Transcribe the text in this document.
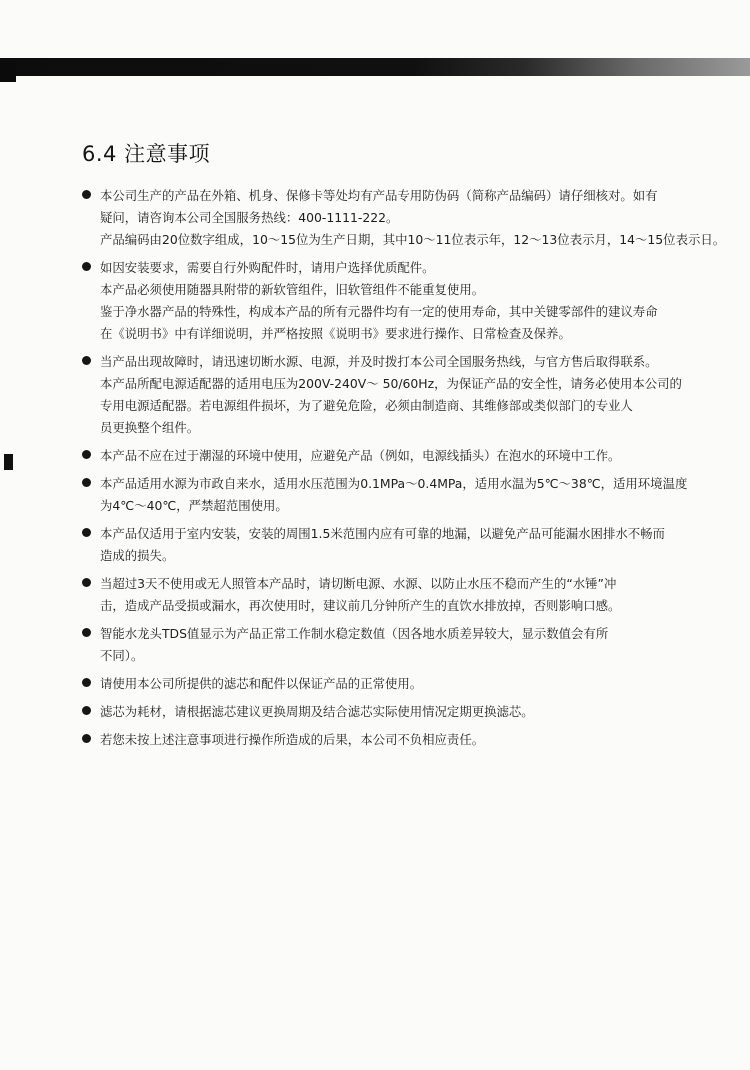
6.4 注意事项
本公司生产的产品在外箱、机身、保修卡等处均有产品专用防伪码（简称产品编码）请仔细核对。如有
疑问，请咨询本公司全国服务热线：400-1111-222。
产品编码由20位数字组成，10～15位为生产日期，其中10～11位表示年，12～13位表示月，14～15位表示日。
如因安装要求，需要自行外购配件时，请用户选择优质配件。
本产品必须使用随器具附带的新软管组件，旧软管组件不能重复使用。
鉴于净水器产品的特殊性，构成本产品的所有元器件均有一定的使用寿命，其中关键零部件的建议寿命
在《说明书》中有详细说明，并严格按照《说明书》要求进行操作、日常检查及保养。
当产品出现故障时，请迅速切断水源、电源，并及时拨打本公司全国服务热线，与官方售后取得联系。
本产品所配电源适配器的适用电压为200V-240V～ 50/60Hz，为保证产品的安全性，请务必使用本公司的
专用电源适配器。若电源组件损坏，为了避免危险，必须由制造商、其维修部或类似部门的专业人
员更换整个组件。
本产品不应在过于潮湿的环境中使用，应避免产品（例如，电源线插头）在泡水的环境中工作。
本产品适用水源为市政自来水，适用水压范围为0.1MPa～0.4MPa，适用水温为5℃～38℃，适用环境温度
为4℃～40℃，严禁超范围使用。
本产品仅适用于室内安装，安装的周围1.5米范围内应有可靠的地漏，以避免产品可能漏水困排水不畅而
造成的损失。
当超过3天不使用或无人照管本产品时，请切断电源、水源、以防止水压不稳而产生的“水锤”冲
击，造成产品受损或漏水，再次使用时，建议前几分钟所产生的直饮水排放掉，否则影响口感。
智能水龙头TDS值显示为产品正常工作制水稳定数值（因各地水质差异较大，显示数值会有所
不同）。
请使用本公司所提供的滤芯和配件以保证产品的正常使用。
滤芯为耗材，请根据滤芯建议更换周期及结合滤芯实际使用情况定期更换滤芯。
若您未按上述注意事项进行操作所造成的后果，本公司不负相应责任。
